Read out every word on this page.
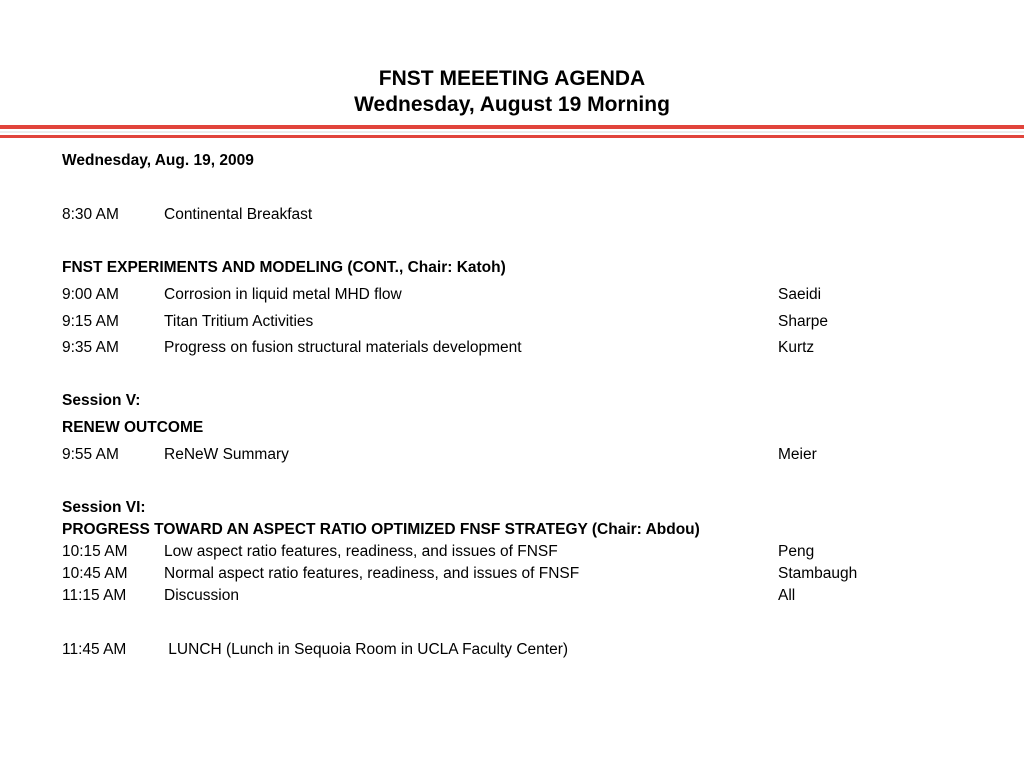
FNST MEEETING AGENDA
Wednesday, August 19 Morning
Wednesday, Aug. 19, 2009
8:30 AM	Continental Breakfast
FNST EXPERIMENTS AND MODELING (CONT., Chair: Katoh)
9:00 AM	Corrosion in liquid metal MHD flow	Saeidi
9:15 AM	Titan Tritium Activities	Sharpe
9:35 AM	Progress on fusion structural materials development	Kurtz
Session V:
RENEW OUTCOME
9:55 AM	ReNeW Summary	Meier
Session VI:
PROGRESS TOWARD AN ASPECT RATIO OPTIMIZED FNSF STRATEGY (Chair: Abdou)
10:15 AM Low aspect ratio features, readiness, and issues of FNSF	Peng
10:45 AM Normal aspect ratio features, readiness, and issues of FNSF	Stambaugh
11:15 AM Discussion	All
11:45 AM LUNCH (Lunch in Sequoia Room in UCLA Faculty Center)
